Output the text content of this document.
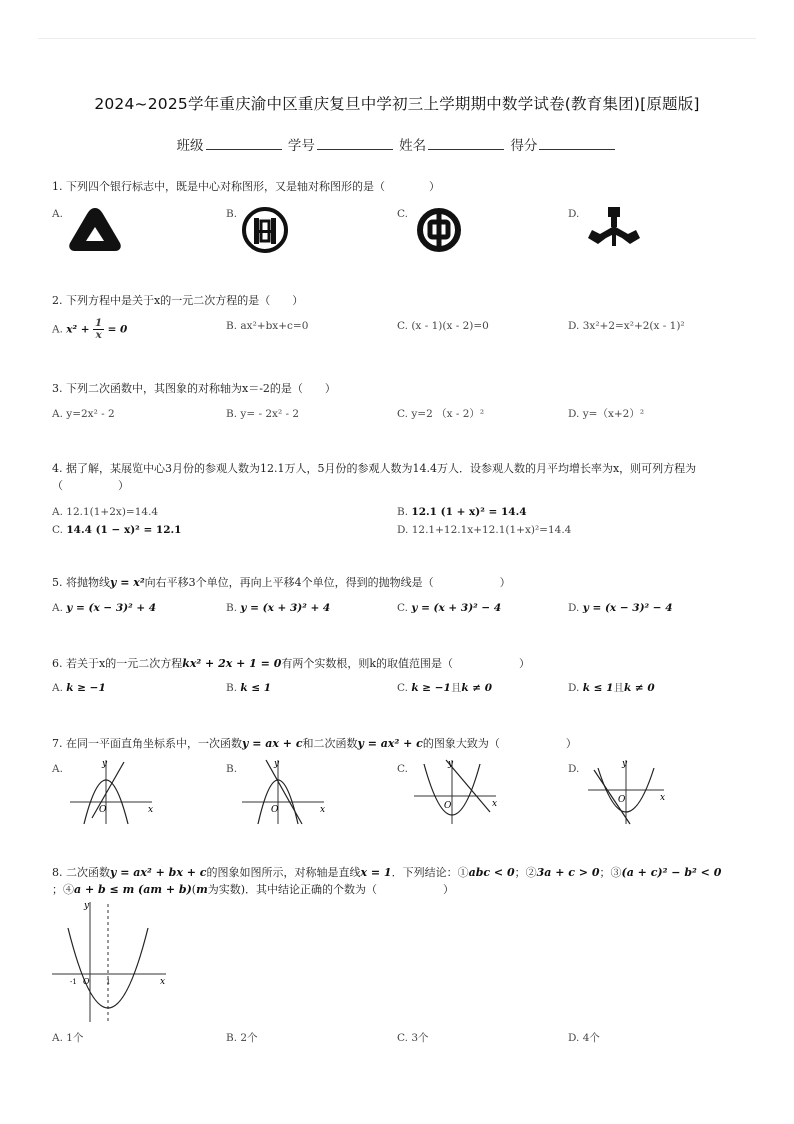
2024~2025学年重庆渝中区重庆复旦中学初三上学期期中数学试卷(教育集团)[原题版]
班级	学号	姓名	得分
1. 下列四个银行标志中，既是中心对称图形，又是轴对称图形的是（　　　　）
A.	B.	C.	D.
2. 下列方程中是关于x的一元二次方程的是（　　）
A. $x^2 + \frac{1}{x} = 0$	B. ax²+bx+c=0	C. (x - 1)(x - 2)=0	D. 3x²+2=x²+2(x - 1)²
3. 下列二次函数中，其图象的对称轴为x＝-2的是（　　）
A. y=2x² - 2	B. y= - 2x² - 2	C. y=2 （x - 2）²	D. y=（x+2）²
4. 据了解，某展览中心3月份的参观人数为12.1万人，5月份的参观人数为14.4万人．设参观人数的月平均增长率为x，则可列方程为（　　　　　）
A. 12.1(1+2x)=14.4	B. 12.1 (1 + x)² = 14.4
C. 14.4 (1 − x)² = 12.1	D. 12.1+12.1x+12.1(1+x)²=14.4
5. 将抛物线y = x²向右平移3个单位，再向上平移4个单位，得到的抛物线是（　　　　　　）
A. y = (x − 3)² + 4	B. y = (x + 3)² + 4	C. y = (x + 3)² − 4	D. y = (x − 3)² − 4
6. 若关于x的一元二次方程kx² + 2x + 1 = 0有两个实数根，则k的取值范围是（　　　　　　）
A. k ≥ −1	B. k ≤ 1	C. k ≥ −1且k ≠ 0	D. k ≤ 1且k ≠ 0
7. 在同一平面直角坐标系中，一次函数y = ax + c和二次函数y = ax² + c的图象大致为（　　　　　　）
A.	B.	C.	D.
y
x
O
y
x
O
y
x
O
y
x
O
8. 二次函数y = ax² + bx + c的图象如图所示，对称轴是直线x = 1．下列结论：①abc < 0；②3a + c > 0；③(a + c)² − b² < 0
；④a + b ≤ m (am + b)(m为实数)．其中结论正确的个数为（　　　　　　）
y
x
O
-1	1
A. 1个	B. 2个	C. 3个	D. 4个
